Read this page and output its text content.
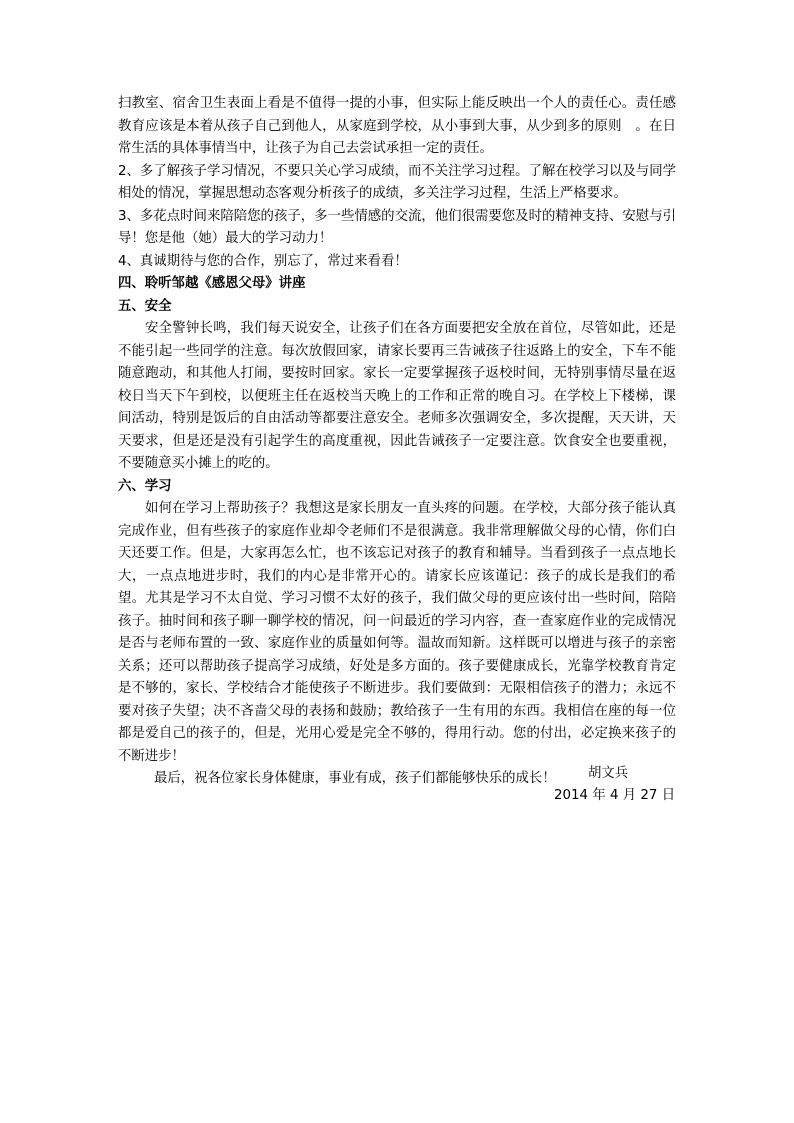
扫教室、宿舍卫生表面上看是不值得一提的小事，但实际上能反映出一个人的责任心。责任感教育应该是本着从孩子自己到他人，从家庭到学校，从小事到大事，从少到多的原则　。在日常生活的具体事情当中，让孩子为自己去尝试承担一定的责任。

2、多了解孩子学习情况，不要只关心学习成绩，而不关注学习过程。了解在校学习以及与同学相处的情况，掌握思想动态客观分析孩子的成绩，多关注学习过程，生活上严格要求。

3、多花点时间来陪陪您的孩子，多一些情感的交流，他们很需要您及时的精神支持、安慰与引导！您是他（她）最大的学习动力！

4、真诚期待与您的合作，别忘了，常过来看看！

四、聆听邹越《感恩父母》讲座

五、安全

安全警钟长鸣，我们每天说安全，让孩子们在各方面要把安全放在首位，尽管如此，还是不能引起一些同学的注意。每次放假回家，请家长要再三告诫孩子往返路上的安全，下车不能随意跑动，和其他人打闹，要按时回家。家长一定要掌握孩子返校时间，无特别事情尽量在返校日当天下午到校，以便班主任在返校当天晚上的工作和正常的晚自习。在学校上下楼梯，课间活动，特别是饭后的自由活动等都要注意安全。老师多次强调安全，多次提醒，天天讲，天天要求，但是还是没有引起学生的高度重视，因此告诫孩子一定要注意。饮食安全也要重视，不要随意买小摊上的吃的。

六、学习

如何在学习上帮助孩子？我想这是家长朋友一直头疼的问题。在学校，大部分孩子能认真完成作业，但有些孩子的家庭作业却令老师们不是很满意。我非常理解做父母的心情，你们白天还要工作。但是，大家再怎么忙，也不该忘记对孩子的教育和辅导。当看到孩子一点点地长大，一点点地进步时，我们的内心是非常开心的。请家长应该谨记：孩子的成长是我们的希望。尤其是学习不太自觉、学习习惯不太好的孩子，我们做父母的更应该付出一些时间，陪陪孩子。抽时间和孩子聊一聊学校的情况，问一问最近的学习内容，查一查家庭作业的完成情况是否与老师布置的一致、家庭作业的质量如何等。温故而知新。这样既可以增进与孩子的亲密关系；还可以帮助孩子提高学习成绩，好处是多方面的。孩子要健康成长，光靠学校教育肯定是不够的，家长、学校结合才能使孩子不断进步。我们要做到：无限相信孩子的潜力；永远不要对孩子失望；决不吝啬父母的表扬和鼓励；教给孩子一生有用的东西。我相信在座的每一位都是爱自己的孩子的，但是，光用心爱是完全不够的，得用行动。您的付出，必定换来孩子的不断进步！

最后，祝各位家长身体健康，事业有成，孩子们都能够快乐的成长！	胡文兵
2014 年 4 月 27 日
